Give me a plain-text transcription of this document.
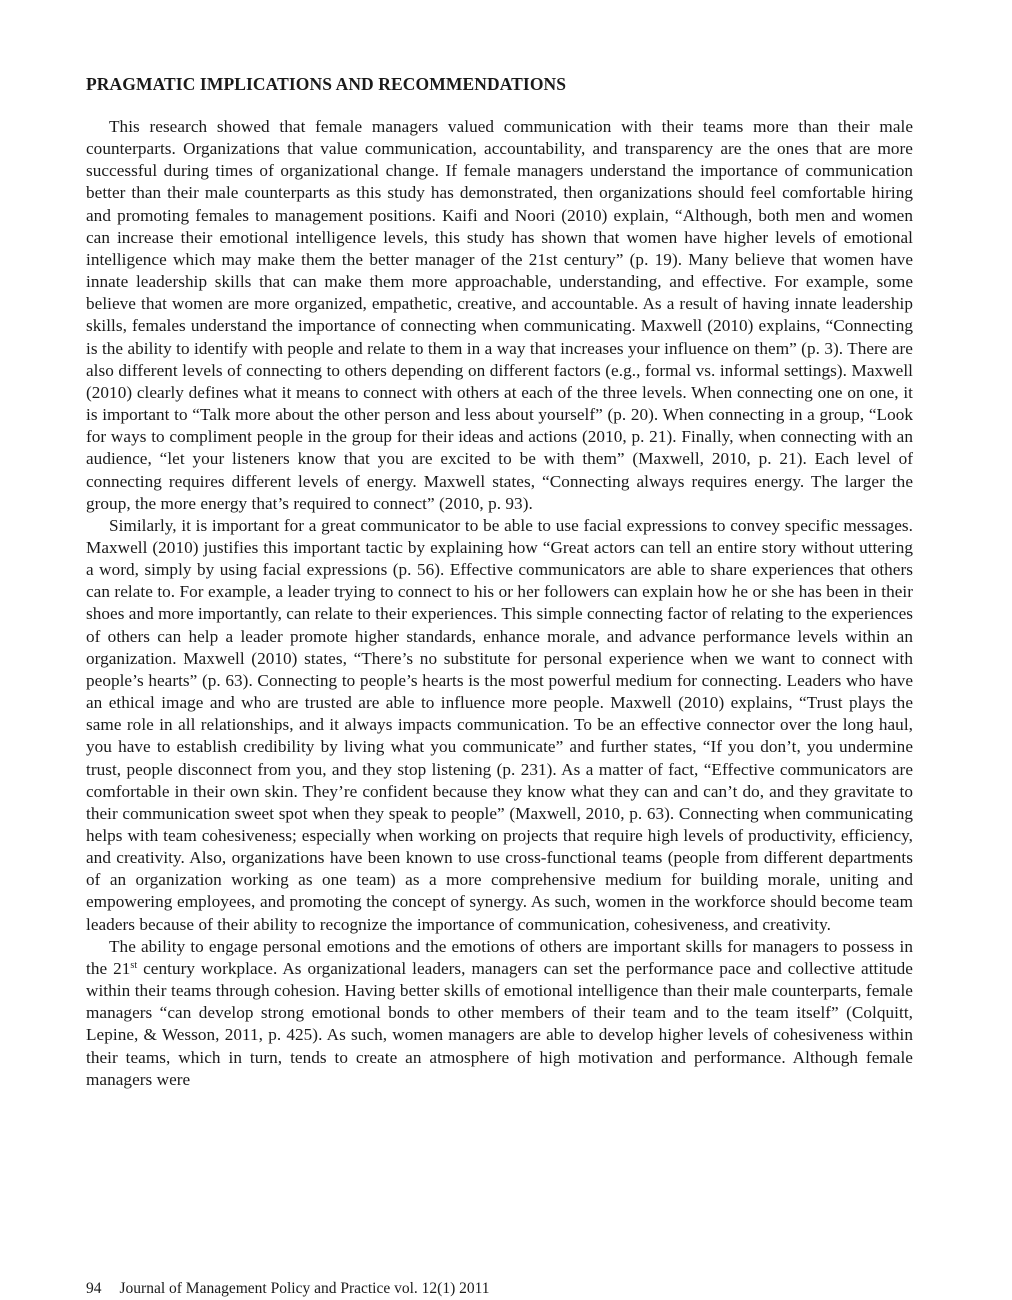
PRAGMATIC IMPLICATIONS AND RECOMMENDATIONS

This research showed that female managers valued communication with their teams more than their male counterparts. Organizations that value communication, accountability, and transparency are the ones that are more successful during times of organizational change. If female managers understand the importance of communication better than their male counterparts as this study has demonstrated, then organizations should feel comfortable hiring and promoting females to management positions. Kaifi and Noori (2010) explain, “Although, both men and women can increase their emotional intelligence levels, this study has shown that women have higher levels of emotional intelligence which may make them the better manager of the 21st century” (p. 19). Many believe that women have innate leadership skills that can make them more approachable, understanding, and effective. For example, some believe that women are more organized, empathetic, creative, and accountable. As a result of having innate leadership skills, females understand the importance of connecting when communicating. Maxwell (2010) explains, “Connecting is the ability to identify with people and relate to them in a way that increases your influence on them” (p. 3). There are also different levels of connecting to others depending on different factors (e.g., formal vs. informal settings). Maxwell (2010) clearly defines what it means to connect with others at each of the three levels. When connecting one on one, it is important to “Talk more about the other person and less about yourself” (p. 20). When connecting in a group, “Look for ways to compliment people in the group for their ideas and actions (2010, p. 21). Finally, when connecting with an audience, “let your listeners know that you are excited to be with them” (Maxwell, 2010, p. 21). Each level of connecting requires different levels of energy. Maxwell states, “Connecting always requires energy. The larger the group, the more energy that’s required to connect” (2010, p. 93).

Similarly, it is important for a great communicator to be able to use facial expressions to convey specific messages. Maxwell (2010) justifies this important tactic by explaining how “Great actors can tell an entire story without uttering a word, simply by using facial expressions (p. 56). Effective communicators are able to share experiences that others can relate to. For example, a leader trying to connect to his or her followers can explain how he or she has been in their shoes and more importantly, can relate to their experiences. This simple connecting factor of relating to the experiences of others can help a leader promote higher standards, enhance morale, and advance performance levels within an organization. Maxwell (2010) states, “There’s no substitute for personal experience when we want to connect with people’s hearts” (p. 63). Connecting to people’s hearts is the most powerful medium for connecting. Leaders who have an ethical image and who are trusted are able to influence more people. Maxwell (2010) explains, “Trust plays the same role in all relationships, and it always impacts communication. To be an effective connector over the long haul, you have to establish credibility by living what you communicate” and further states, “If you don’t, you undermine trust, people disconnect from you, and they stop listening (p. 231). As a matter of fact, “Effective communicators are comfortable in their own skin. They’re confident because they know what they can and can’t do, and they gravitate to their communication sweet spot when they speak to people” (Maxwell, 2010, p. 63). Connecting when communicating helps with team cohesiveness; especially when working on projects that require high levels of productivity, efficiency, and creativity. Also, organizations have been known to use cross-functional teams (people from different departments of an organization working as one team) as a more comprehensive medium for building morale, uniting and empowering employees, and promoting the concept of synergy. As such, women in the workforce should become team leaders because of their ability to recognize the importance of communication, cohesiveness, and creativity.

The ability to engage personal emotions and the emotions of others are important skills for managers to possess in the 21st century workplace. As organizational leaders, managers can set the performance pace and collective attitude within their teams through cohesion. Having better skills of emotional intelligence than their male counterparts, female managers “can develop strong emotional bonds to other members of their team and to the team itself” (Colquitt, Lepine, & Wesson, 2011, p. 425). As such, women managers are able to develop higher levels of cohesiveness within their teams, which in turn, tends to create an atmosphere of high motivation and performance. Although female managers were

94 Journal of Management Policy and Practice vol. 12(1) 2011
